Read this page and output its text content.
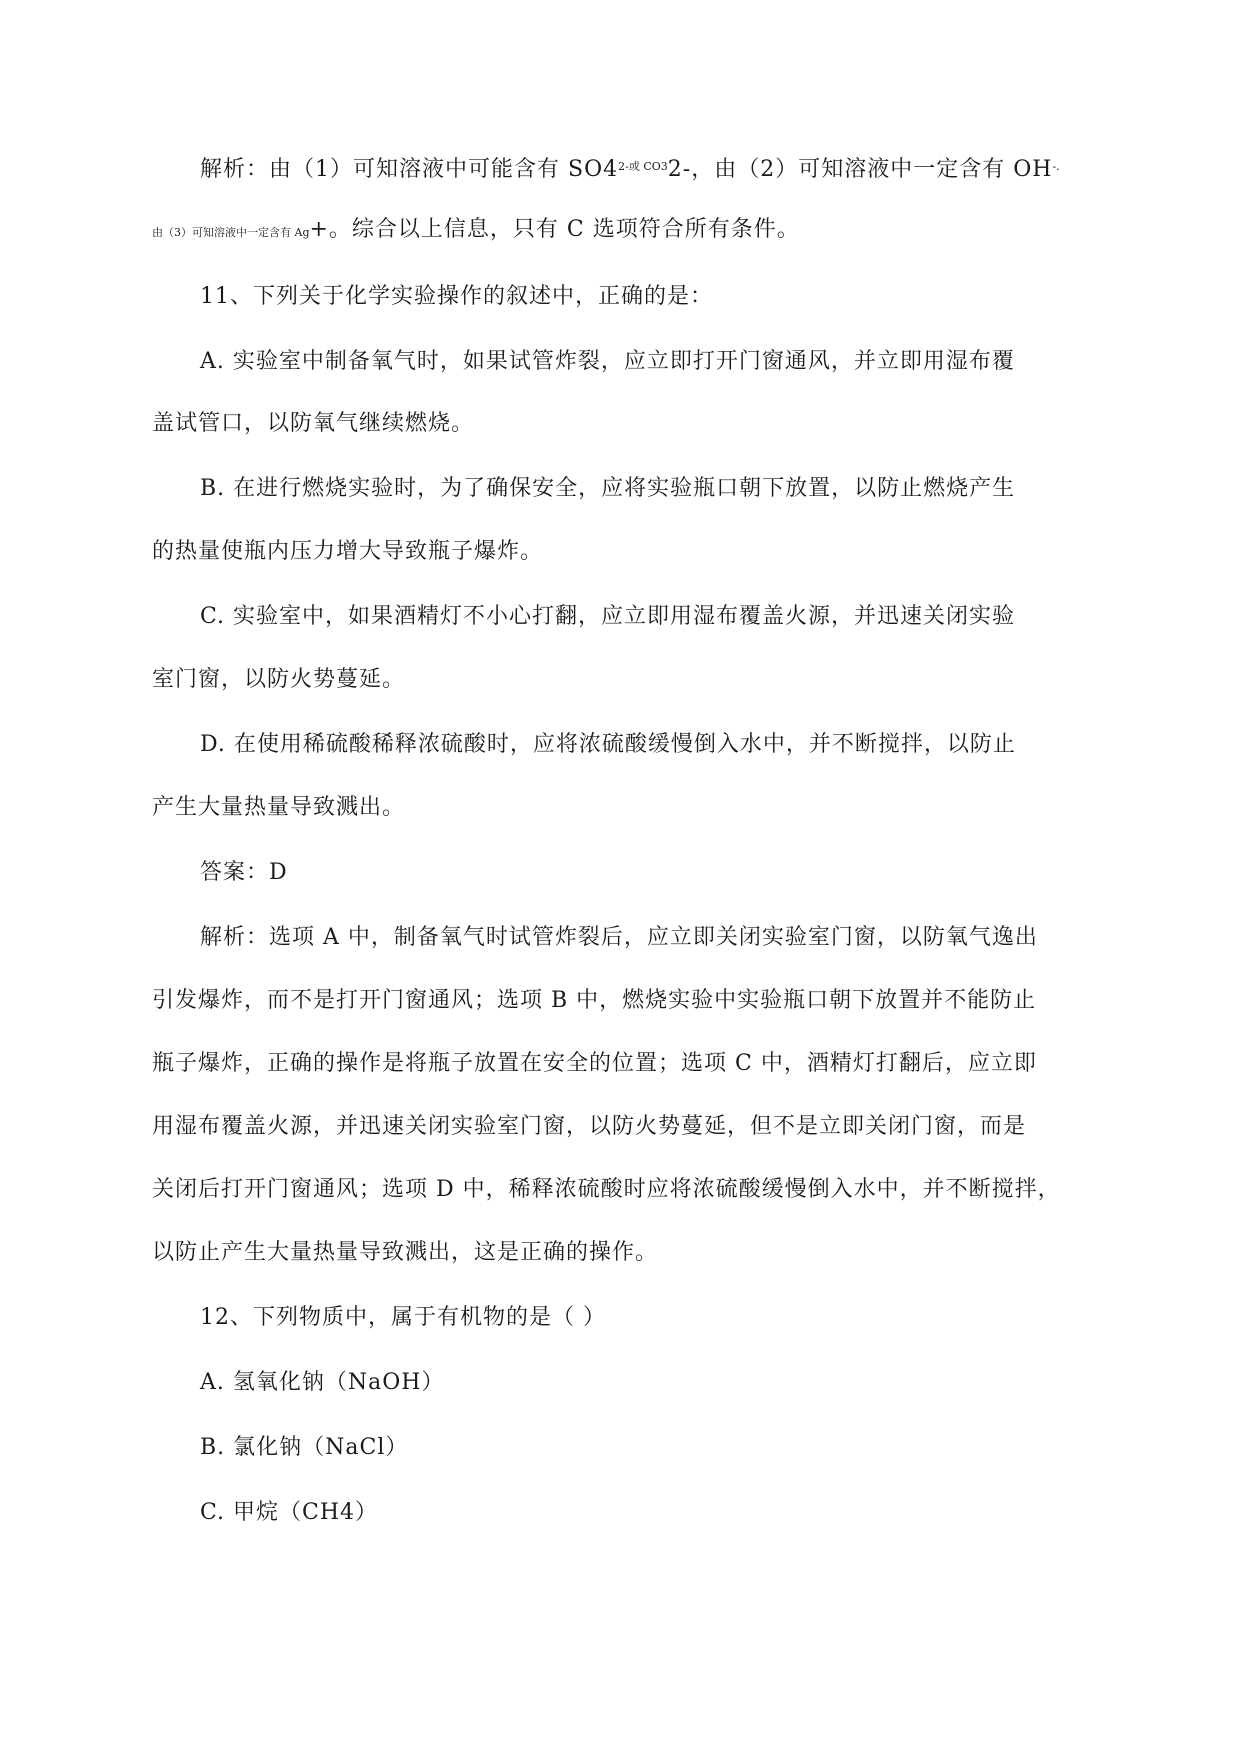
解析：由（1）可知溶液中可能含有 $SO4^{2-或 CO3}2-$，由（2）可知溶液中一定含有 OH-.
由（3）可知溶液中一定含有 Ag+。综合以上信息，只有 C 选项符合所有条件。
11、下列关于化学实验操作的叙述中，正确的是：
A. 实验室中制备氧气时，如果试管炸裂，应立即打开门窗通风，并立即用湿布覆
盖试管口，以防氧气继续燃烧。
B. 在进行燃烧实验时，为了确保安全，应将实验瓶口朝下放置，以防止燃烧产生
的热量使瓶内压力增大导致瓶子爆炸。
C. 实验室中，如果酒精灯不小心打翻，应立即用湿布覆盖火源，并迅速关闭实验
室门窗，以防火势蔓延。
D. 在使用稀硫酸稀释浓硫酸时，应将浓硫酸缓慢倒入水中，并不断搅拌，以防止
产生大量热量导致溅出。
答案：D
解析：选项 A 中，制备氧气时试管炸裂后，应立即关闭实验室门窗，以防氧气逸出
引发爆炸，而不是打开门窗通风；选项 B 中，燃烧实验中实验瓶口朝下放置并不能防止
瓶子爆炸，正确的操作是将瓶子放置在安全的位置；选项 C 中，酒精灯打翻后，应立即
用湿布覆盖火源，并迅速关闭实验室门窗，以防火势蔓延，但不是立即关闭门窗，而是
关闭后打开门窗通风；选项 D 中，稀释浓硫酸时应将浓硫酸缓慢倒入水中，并不断搅拌，
以防止产生大量热量导致溅出，这是正确的操作。
12、下列物质中，属于有机物的是（ ）
A. 氢氧化钠（NaOH）
B. 氯化钠（NaCl）
C. 甲烷（CH4）
